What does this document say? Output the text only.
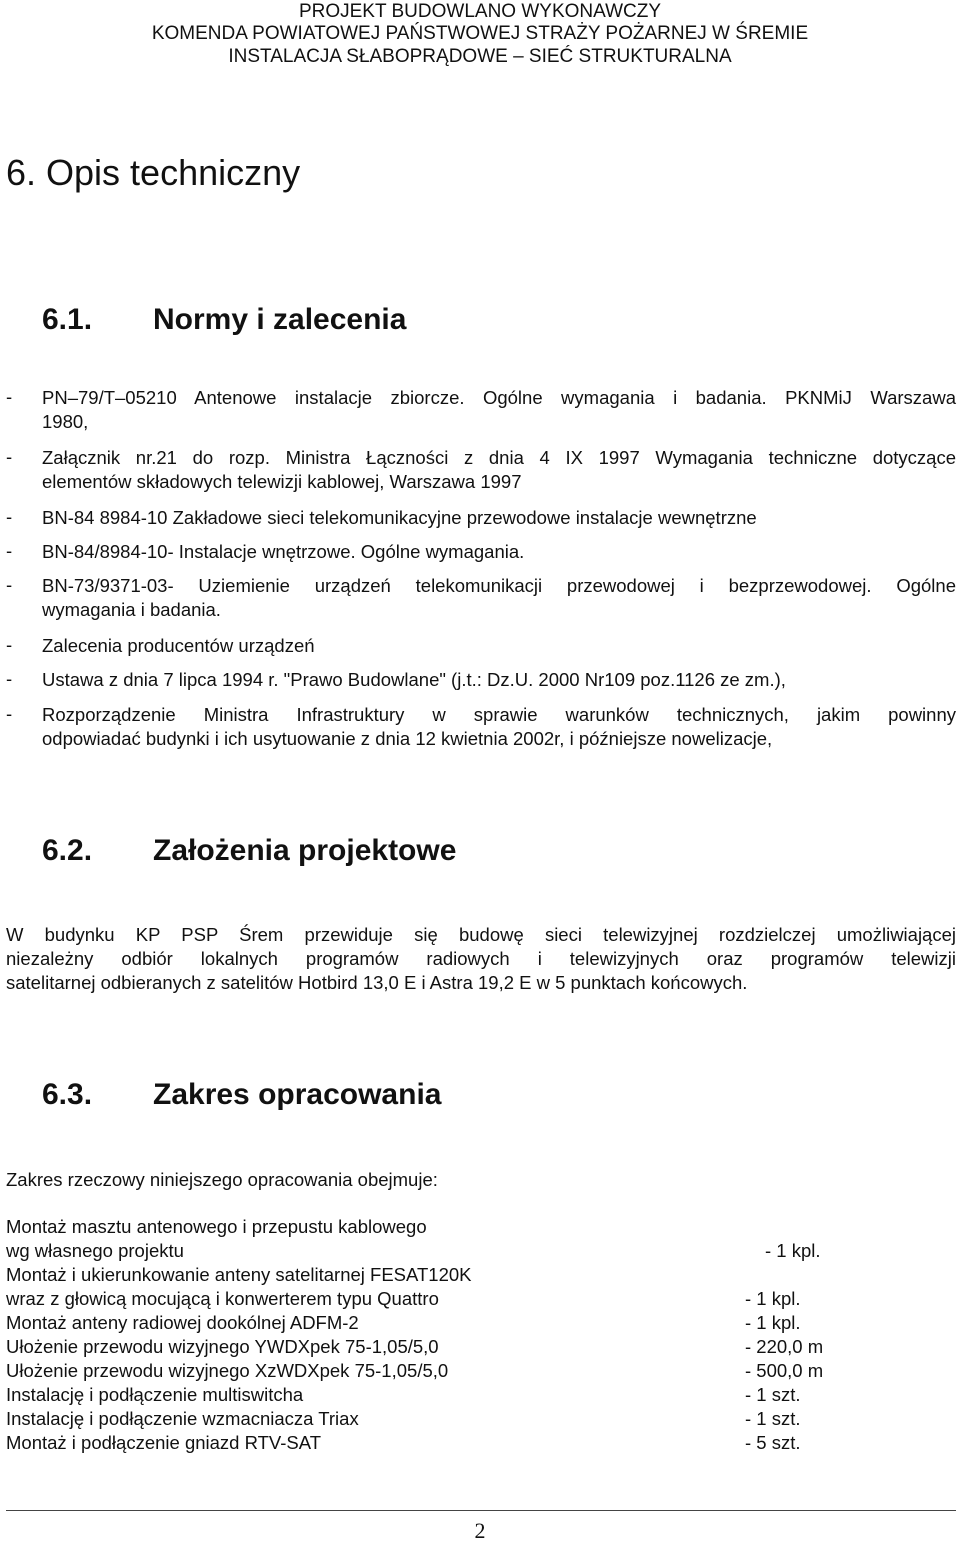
PROJEKT BUDOWLANO WYKONAWCZY
KOMENDA POWIATOWEJ PAŃSTWOWEJ STRAŻY POŻARNEJ W ŚREMIE
INSTALACJA SŁABOPRĄDOWE – SIEĆ STRUKTURALNA
6. Opis techniczny
6.1. Normy i zalecenia
- PN–79/T–05210 Antenowe instalacje zbiorcze. Ogólne wymagania i badania. PKNMiJ Warszawa
1980,
- Załącznik nr.21 do rozp. Ministra Łączności z dnia 4 IX 1997 Wymagania techniczne dotyczące
elementów składowych telewizji kablowej, Warszawa 1997
- BN-84 8984-10 Zakładowe sieci telekomunikacyjne przewodowe instalacje wewnętrzne
- BN-84/8984-10- Instalacje wnętrzowe. Ogólne wymagania.
- BN-73/9371-03- Uziemienie urządzeń telekomunikacji przewodowej i bezprzewodowej. Ogólne
wymagania i badania.
- Zalecenia producentów urządzeń
- Ustawa z dnia 7 lipca 1994 r. "Prawo Budowlane" (j.t.: Dz.U. 2000 Nr109 poz.1126 ze zm.),
- Rozporządzenie Ministra Infrastruktury w sprawie warunków technicznych, jakim powinny
odpowiadać budynki i ich usytuowanie z dnia 12 kwietnia 2002r, i późniejsze nowelizacje,
6.2. Założenia projektowe
W budynku KP PSP Śrem przewiduje się budowę sieci telewizyjnej rozdzielczej umożliwiającej
niezależny odbiór lokalnych programów radiowych i telewizyjnych oraz programów telewizji
satelitarnej odbieranych z satelitów Hotbird 13,0 E i Astra 19,2 E w 5 punktach końcowych.
6.3. Zakres opracowania
Zakres rzeczowy niniejszego opracowania obejmuje:
Montaż masztu antenowego i przepustu kablowego
wg własnego projektu	- 1 kpl.
Montaż i ukierunkowanie anteny satelitarnej FESAT120K
wraz z głowicą mocującą i konwerterem typu Quattro	- 1 kpl.
Montaż anteny radiowej dookólnej ADFM-2	- 1 kpl.
Ułożenie przewodu wizyjnego YWDXpek 75-1,05/5,0	- 220,0 m
Ułożenie przewodu wizyjnego XzWDXpek 75-1,05/5,0	- 500,0 m
Instalację i podłączenie multiswitcha	- 1 szt.
Instalację i podłączenie wzmacniacza Triax	- 1 szt.
Montaż i podłączenie gniazd RTV-SAT	- 5 szt.
2
